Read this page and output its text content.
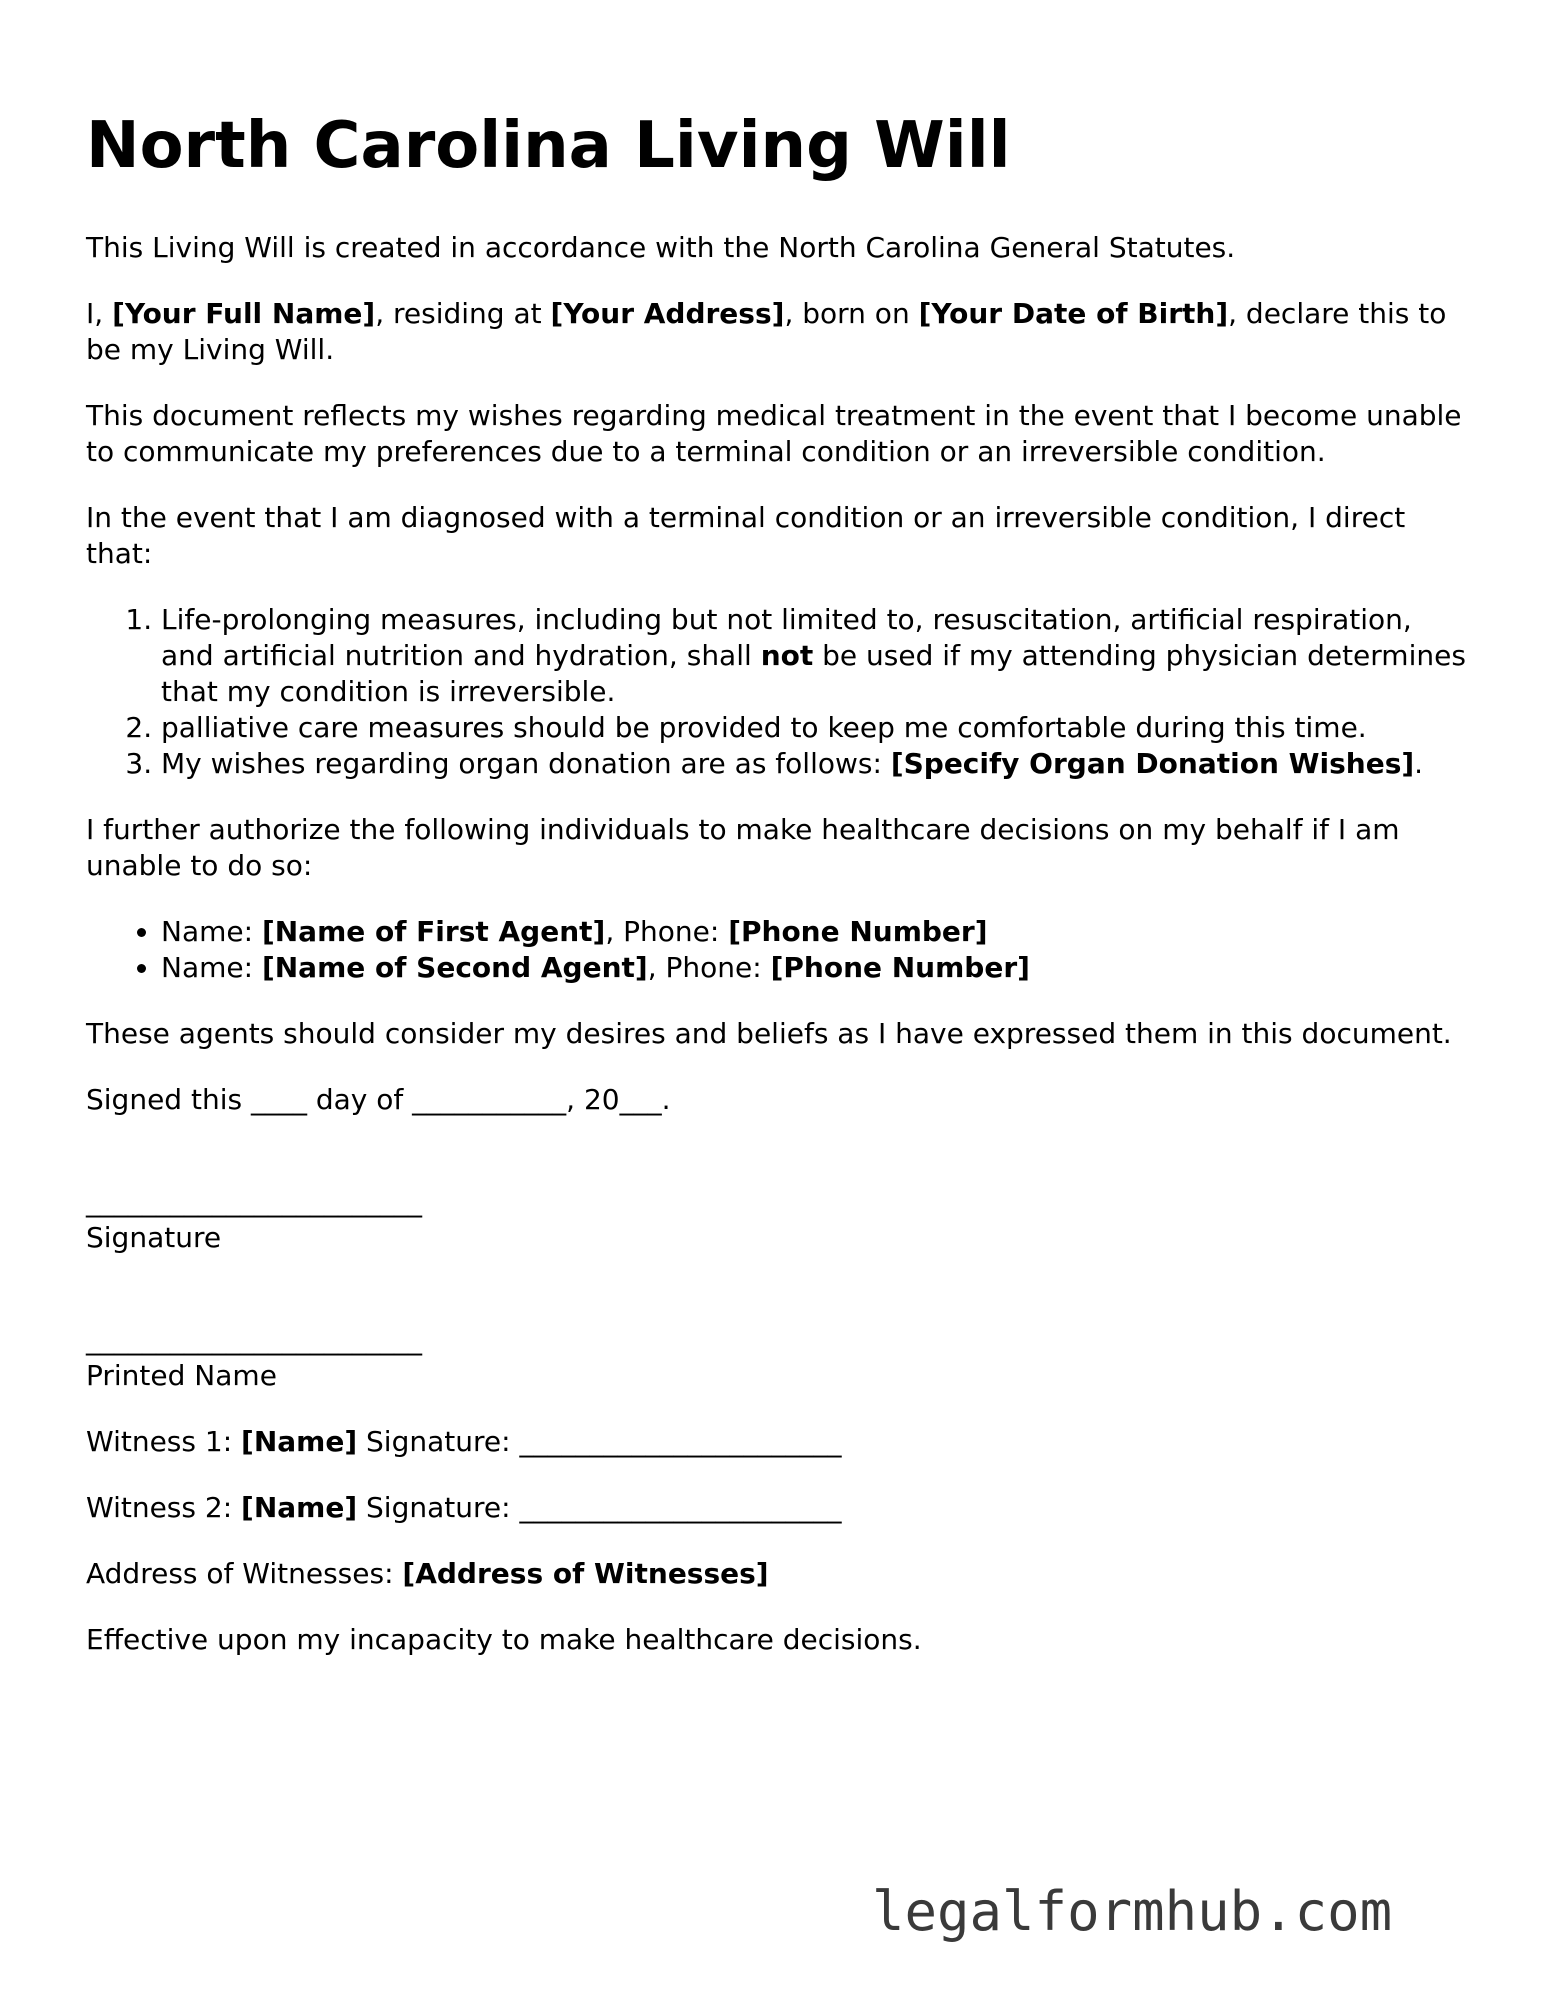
North Carolina Living Will

This Living Will is created in accordance with the North Carolina General Statutes.

I, [Your Full Name], residing at [Your Address], born on [Your Date of Birth], declare this to be my Living Will.

This document reflects my wishes regarding medical treatment in the event that I become unable to communicate my preferences due to a terminal condition or an irreversible condition.

In the event that I am diagnosed with a terminal condition or an irreversible condition, I direct that:

1. Life-prolonging measures, including but not limited to, resuscitation, artificial respiration, and artificial nutrition and hydration, shall not be used if my attending physician determines that my condition is irreversible.
2. palliative care measures should be provided to keep me comfortable during this time.
3. My wishes regarding organ donation are as follows: [Specify Organ Donation Wishes].

I further authorize the following individuals to make healthcare decisions on my behalf if I am unable to do so:

• Name: [Name of First Agent], Phone: [Phone Number]
• Name: [Name of Second Agent], Phone: [Phone Number]

These agents should consider my desires and beliefs as I have expressed them in this document.

Signed this ____ day of ___________, 20___.

________________________
Signature
________________________
Printed Name

Witness 1: [Name] Signature: _______________________

Witness 2: [Name] Signature: _______________________

Address of Witnesses: [Address of Witnesses]

Effective upon my incapacity to make healthcare decisions.

legalformhub.com
